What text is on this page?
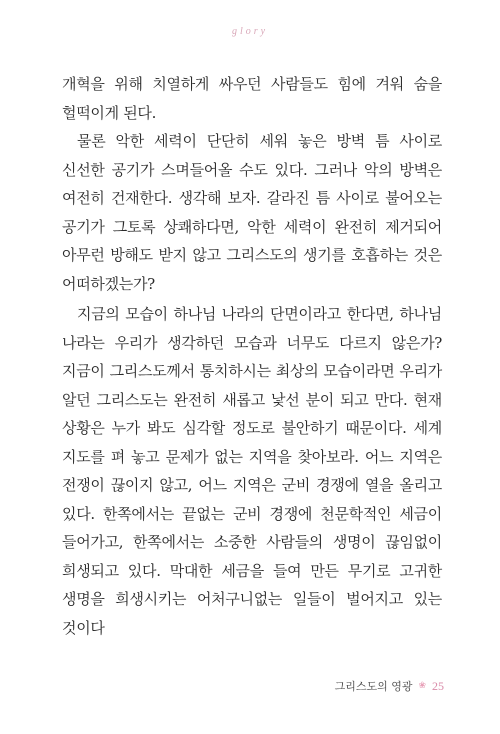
glory

개혁을 위해 치열하게 싸우던 사람들도 힘에 겨워 숨을 헐떡이게 된다.

물론 악한 세력이 단단히 세워 놓은 방벽 틈 사이로 신선한 공기가 스며들어올 수도 있다. 그러나 악의 방벽은 여전히 건재한다. 생각해 보자. 갈라진 틈 사이로 불어오는 공기가 그토록 상쾌하다면, 악한 세력이 완전히 제거되어 아무런 방해도 받지 않고 그리스도의 생기를 호흡하는 것은 어떠하겠는가?

지금의 모습이 하나님 나라의 단면이라고 한다면, 하나님 나라는 우리가 생각하던 모습과 너무도 다르지 않은가? 지금이 그리스도께서 통치하시는 최상의 모습이라면 우리가 알던 그리스도는 완전히 새롭고 낯선 분이 되고 만다. 현재 상황은 누가 봐도 심각할 정도로 불안하기 때문이다. 세계 지도를 펴 놓고 문제가 없는 지역을 찾아보라. 어느 지역은 전쟁이 끊이지 않고, 어느 지역은 군비 경쟁에 열을 올리고 있다. 한쪽에서는 끝없는 군비 경쟁에 천문학적인 세금이 들어가고, 한쪽에서는 소중한 사람들의 생명이 끊임없이 희생되고 있다. 막대한 세금을 들여 만든 무기로 고귀한 생명을 희생시키는 어처구니없는 일들이 벌어지고 있는 것이다

그리스도의 영광 ❀ 25
